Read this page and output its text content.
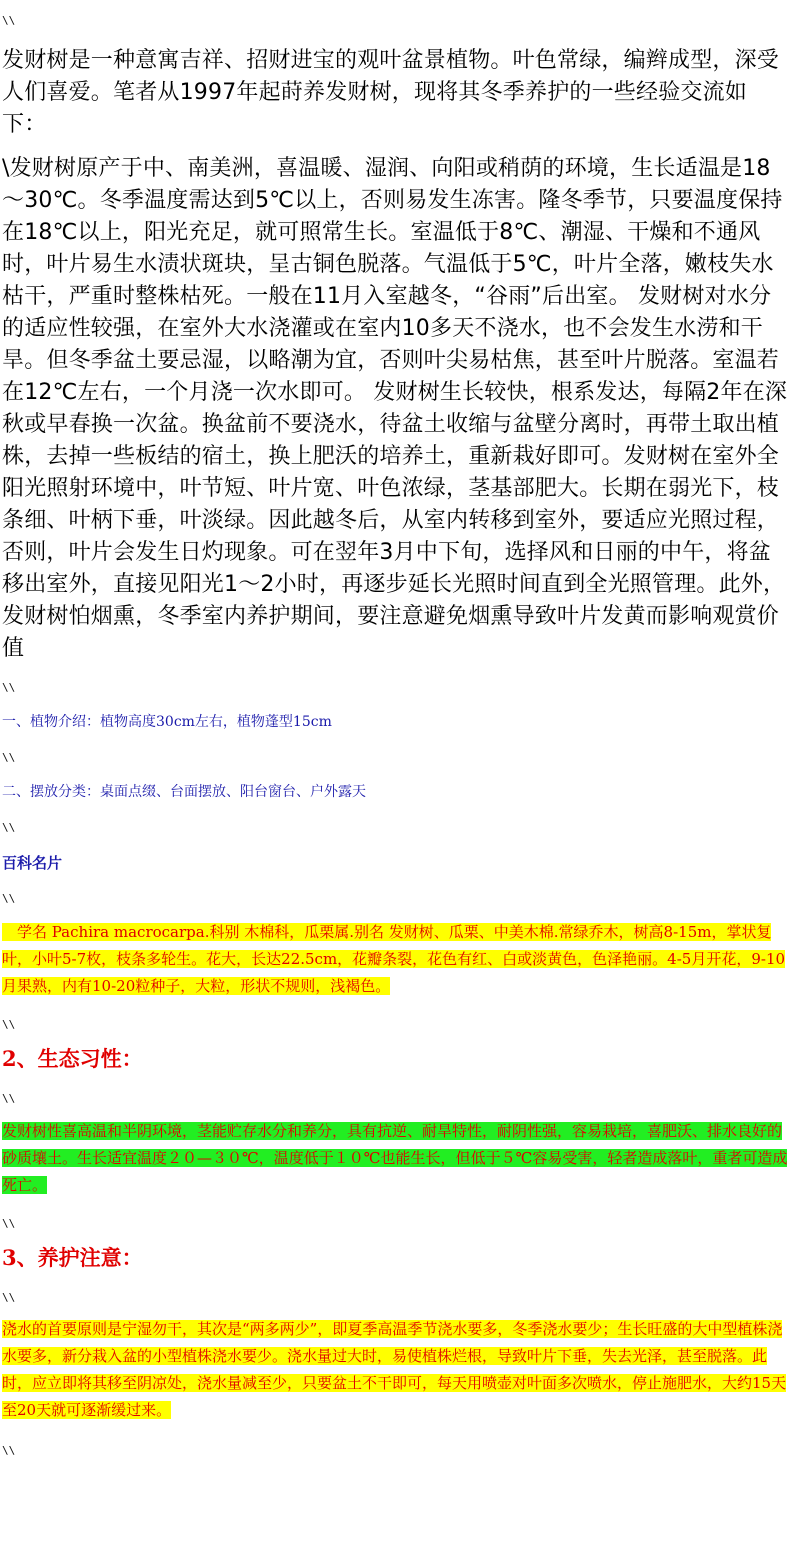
\\

发财树是一种意寓吉祥、招财进宝的观叶盆景植物。叶色常绿，编辫成型，深受人们喜爱。笔者从1997年起莳养发财树，现将其冬季养护的一些经验交流如下：

\发财树原产于中、南美洲，喜温暖、湿润、向阳或稍荫的环境，生长适温是18～30℃。冬季温度需达到5℃以上，否则易发生冻害。隆冬季节，只要温度保持在18℃以上，阳光充足，就可照常生长。室温低于8℃、潮湿、干燥和不通风时，叶片易生水渍状斑块，呈古铜色脱落。气温低于5℃，叶片全落，嫩枝失水枯干，严重时整株枯死。一般在11月入室越冬，“谷雨”后出室。 发财树对水分的适应性较强，在室外大水浇灌或在室内10多天不浇水，也不会发生水涝和干旱。但冬季盆土要忌湿，以略潮为宜，否则叶尖易枯焦，甚至叶片脱落。室温若在12℃左右，一个月浇一次水即可。 发财树生长较快，根系发达，每隔2年在深秋或早春换一次盆。换盆前不要浇水，待盆土收缩与盆壁分离时，再带土取出植株，去掉一些板结的宿土，换上肥沃的培养土，重新栽好即可。发财树在室外全阳光照射环境中，叶节短、叶片宽、叶色浓绿，茎基部肥大。长期在弱光下，枝条细、叶柄下垂，叶淡绿。因此越冬后，从室内转移到室外，要适应光照过程，否则，叶片会发生日灼现象。可在翌年3月中下旬，选择风和日丽的中午，将盆移出室外，直接见阳光1～2小时，再逐步延长光照时间直到全光照管理。此外，发财树怕烟熏，冬季室内养护期间，要注意避免烟熏导致叶片发黄而影响观赏价值

\\

一、植物介绍：植物高度30cm左右，植物蓬型15cm

\\

二、摆放分类：桌面点缀、台面摆放、阳台窗台、户外露天

\\

百科名片

\\

　学名 Pachira macrocarpa.科别 木棉科，瓜栗属.别名 发财树、瓜栗、中美木棉.常绿乔木，树高8-15m，掌状复叶，小叶5-7枚，枝条多轮生。花大，长达22.5cm，花瓣条裂，花色有红、白或淡黄色，色泽艳丽。4-5月开花，9-10月果熟，内有10-20粒种子，大粒，形状不规则，浅褐色。

\\

2、生态习性：

\\

发财树性喜高温和半阴环境，茎能贮存水分和养分，具有抗逆、耐旱特性，耐阴性强，容易栽培，喜肥沃、排水良好的砂质壤土。生长适宜温度２０—３０℃，温度低于１０℃也能生长，但低于５℃容易受害，轻者造成落叶，重者可造成死亡。

\\

3、养护注意：

\\

浇水的首要原则是宁湿勿干，其次是“两多两少”，即夏季高温季节浇水要多，冬季浇水要少；生长旺盛的大中型植株浇水要多，新分栽入盆的小型植株浇水要少。浇水量过大时，易使植株烂根，导致叶片下垂，失去光泽，甚至脱落。此时，应立即将其移至阴凉处，浇水量减至少，只要盆土不干即可，每天用喷壶对叶面多次喷水，停止施肥水，大约15天至20天就可逐渐缓过来。

\\
